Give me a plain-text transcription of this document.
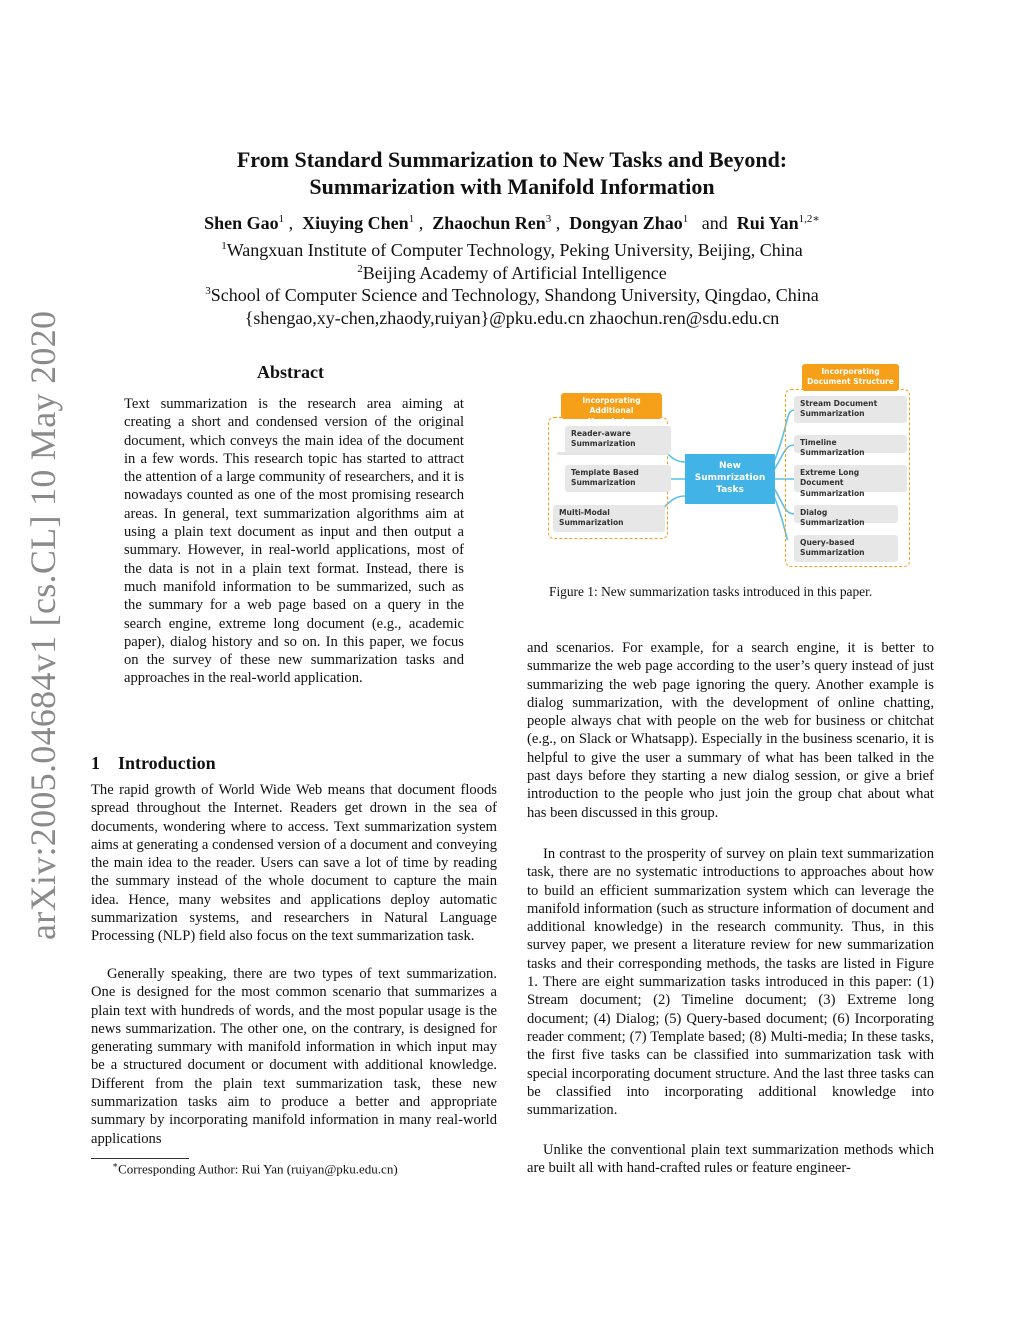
arXiv:2005.04684v1 [cs.CL] 10 May 2020
From Standard Summarization to New Tasks and Beyond:
Summarization with Manifold Information
Shen Gao$^1$ , Xiuying Chen$^1$ , Zhaochun Ren$^3$ , Dongyan Zhao$^1$ and Rui Yan$^{1,2∗}$
$^1$Wangxuan Institute of Computer Technology, Peking University, Beijing, China
$^2$Beijing Academy of Artificial Intelligence
$^3$School of Computer Science and Technology, Shandong University, Qingdao, China
{shengao,xy-chen,zhaody,ruiyan}@pku.edu.cn zhaochun.ren@sdu.edu.cn
Abstract
Text summarization is the research area aiming at creating a short and condensed version of the original document, which conveys the main idea of the document in a few words. This research topic has started to attract the attention of a large community of researchers, and it is nowadays counted as one of the most promising research areas. In general, text summarization algorithms aim at using a plain text document as input and then output a summary. However, in real-world applications, most of the data is not in a plain text format. Instead, there is much manifold information to be summarized, such as the summary for a web page based on a query in the search engine, extreme long document (e.g., academic paper), dialog history and so on. In this paper, we focus on the survey of these new summarization tasks and approaches in the real-world application.
1 Introduction
The rapid growth of World Wide Web means that document floods spread throughout the Internet. Readers get drown in the sea of documents, wondering where to access. Text summarization system aims at generating a condensed version of a document and conveying the main idea to the reader. Users can save a lot of time by reading the summary instead of the whole document to capture the main idea. Hence, many websites and applications deploy automatic summarization systems, and researchers in Natural Language Processing (NLP) field also focus on the text summarization task.
Generally speaking, there are two types of text summarization. One is designed for the most common scenario that summarizes a plain text with hundreds of words, and the most popular usage is the news summarization. The other one, on the contrary, is designed for generating summary with manifold information in which input may be a structured document or document with additional knowledge. Different from the plain text summarization task, these new summarization tasks aim to produce a better and appropriate summary by incorporating manifold information in many real-world applications
∗Corresponding Author: Rui Yan (ruiyan@pku.edu.cn)
Incorporating Additional Knowledge
Reader-aware Summarization
Template Based Summarization
Multi-Modal Summarization
New Summrization Tasks
Incorporating Document Structure
Stream Document Summarization
Timeline Summarization
Extreme Long Document Summarization
Dialog Summarization
Query-based Summarization
Figure 1: New summarization tasks introduced in this paper.
and scenarios. For example, for a search engine, it is better to summarize the web page according to the user’s query instead of just summarizing the web page ignoring the query. Another example is dialog summarization, with the development of online chatting, people always chat with people on the web for business or chitchat (e.g., on Slack or Whatsapp). Especially in the business scenario, it is helpful to give the user a summary of what has been talked in the past days before they starting a new dialog session, or give a brief introduction to the people who just join the group chat about what has been discussed in this group.
In contrast to the prosperity of survey on plain text summarization task, there are no systematic introductions to approaches about how to build an efficient summarization system which can leverage the manifold information (such as structure information of document and additional knowledge) in the research community. Thus, in this survey paper, we present a literature review for new summarization tasks and their corresponding methods, the tasks are listed in Figure 1. There are eight summarization tasks introduced in this paper: (1) Stream document; (2) Timeline document; (3) Extreme long document; (4) Dialog; (5) Query-based document; (6) Incorporating reader comment; (7) Template based; (8) Multi-media; In these tasks, the first five tasks can be classified into summarization task with special incorporating document structure. And the last three tasks can be classified into incorporating additional knowledge into summarization.
Unlike the conventional plain text summarization methods which are built all with hand-crafted rules or feature engineer-
